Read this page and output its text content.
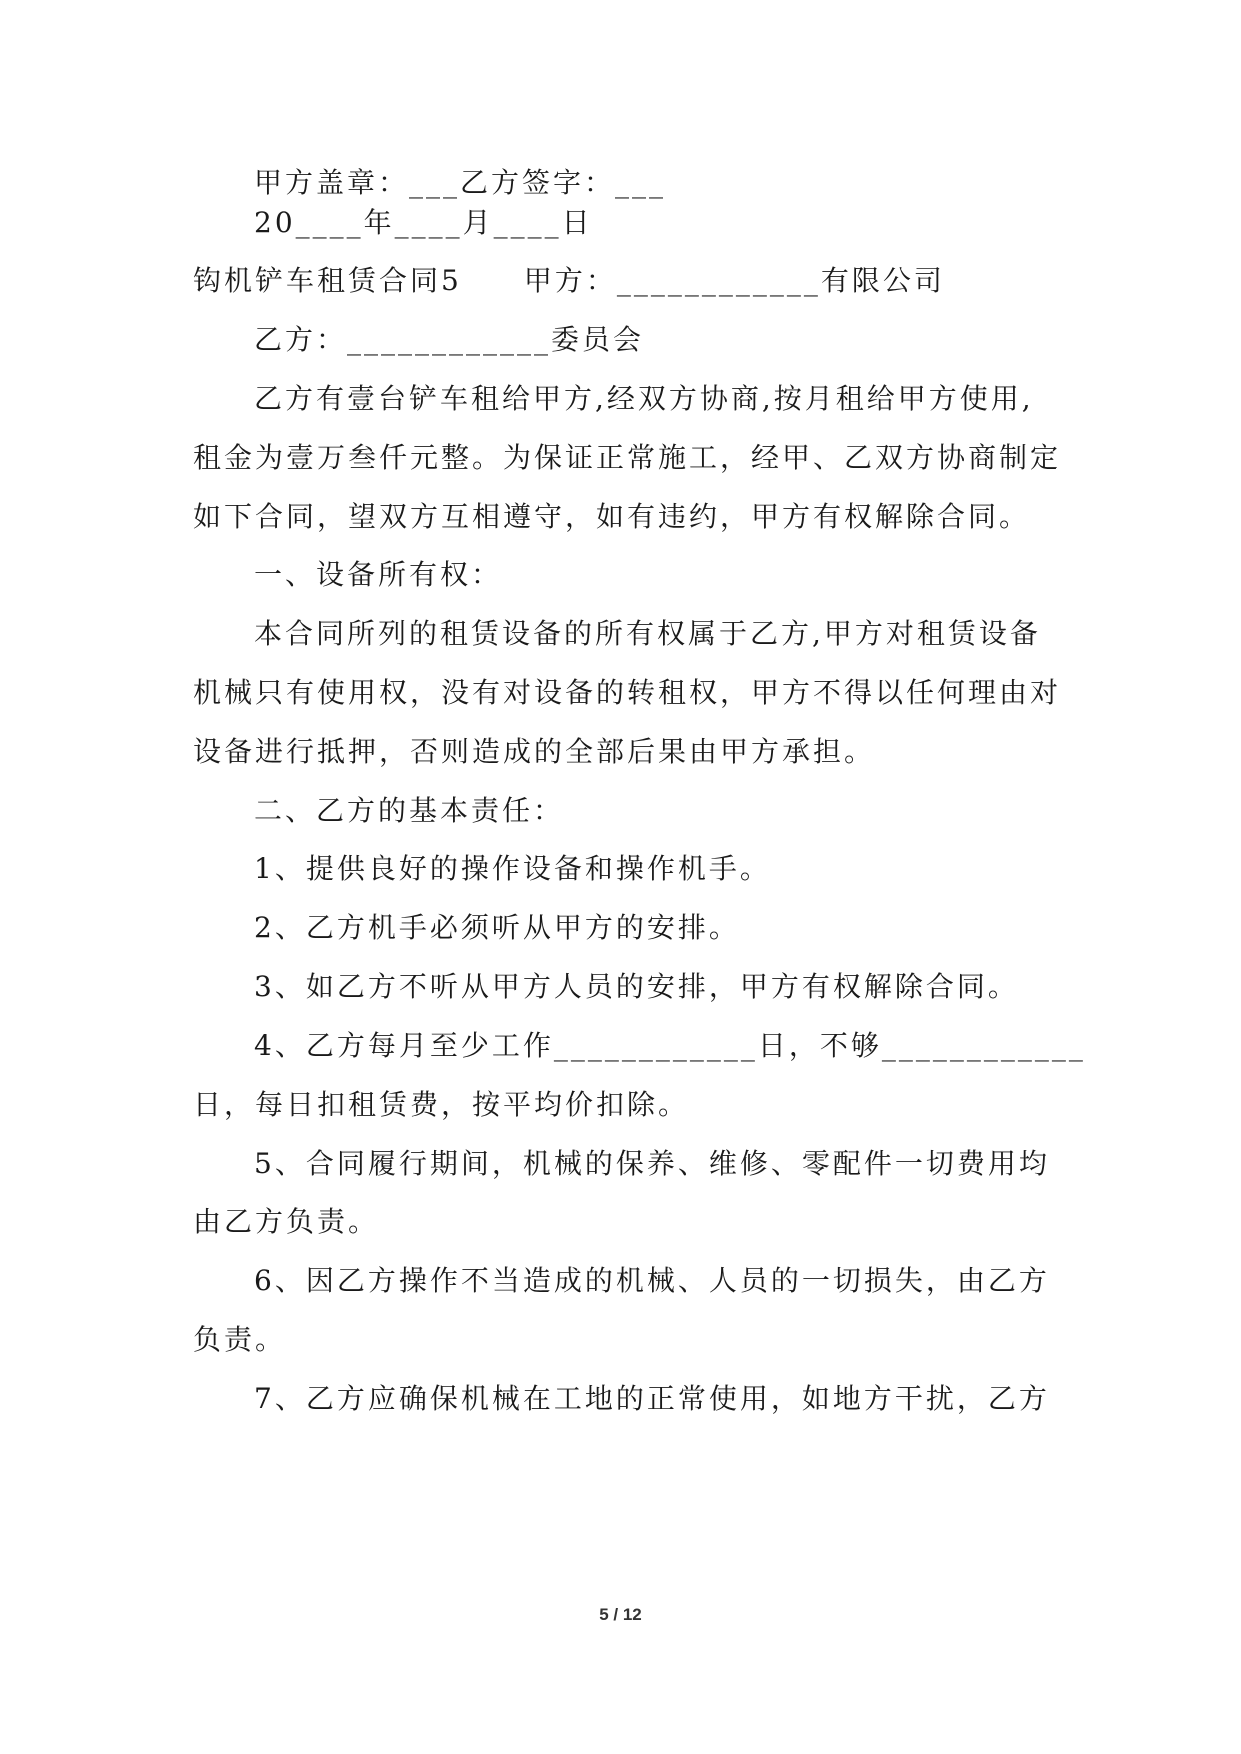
甲方盖章：___乙方签字：___
20____年____月____日
钩机铲车租赁合同5　　甲方：____________有限公司
乙方：____________委员会
乙方有壹台铲车租给甲方,经双方协商,按月租给甲方使用,
租金为壹万叁仟元整。为保证正常施工，经甲、乙双方协商制定
如下合同，望双方互相遵守，如有违约，甲方有权解除合同。
一、设备所有权：
本合同所列的租赁设备的所有权属于乙方,甲方对租赁设备
机械只有使用权，没有对设备的转租权，甲方不得以任何理由对
设备进行抵押，否则造成的全部后果由甲方承担。
二、乙方的基本责任：
1、提供良好的操作设备和操作机手。
2、乙方机手必须听从甲方的安排。
3、如乙方不听从甲方人员的安排，甲方有权解除合同。
4、乙方每月至少工作____________日，不够____________
日，每日扣租赁费，按平均价扣除。
5、合同履行期间，机械的保养、维修、零配件一切费用均
由乙方负责。
6、因乙方操作不当造成的机械、人员的一切损失，由乙方
负责。
7、乙方应确保机械在工地的正常使用，如地方干扰，乙方
5 / 12
